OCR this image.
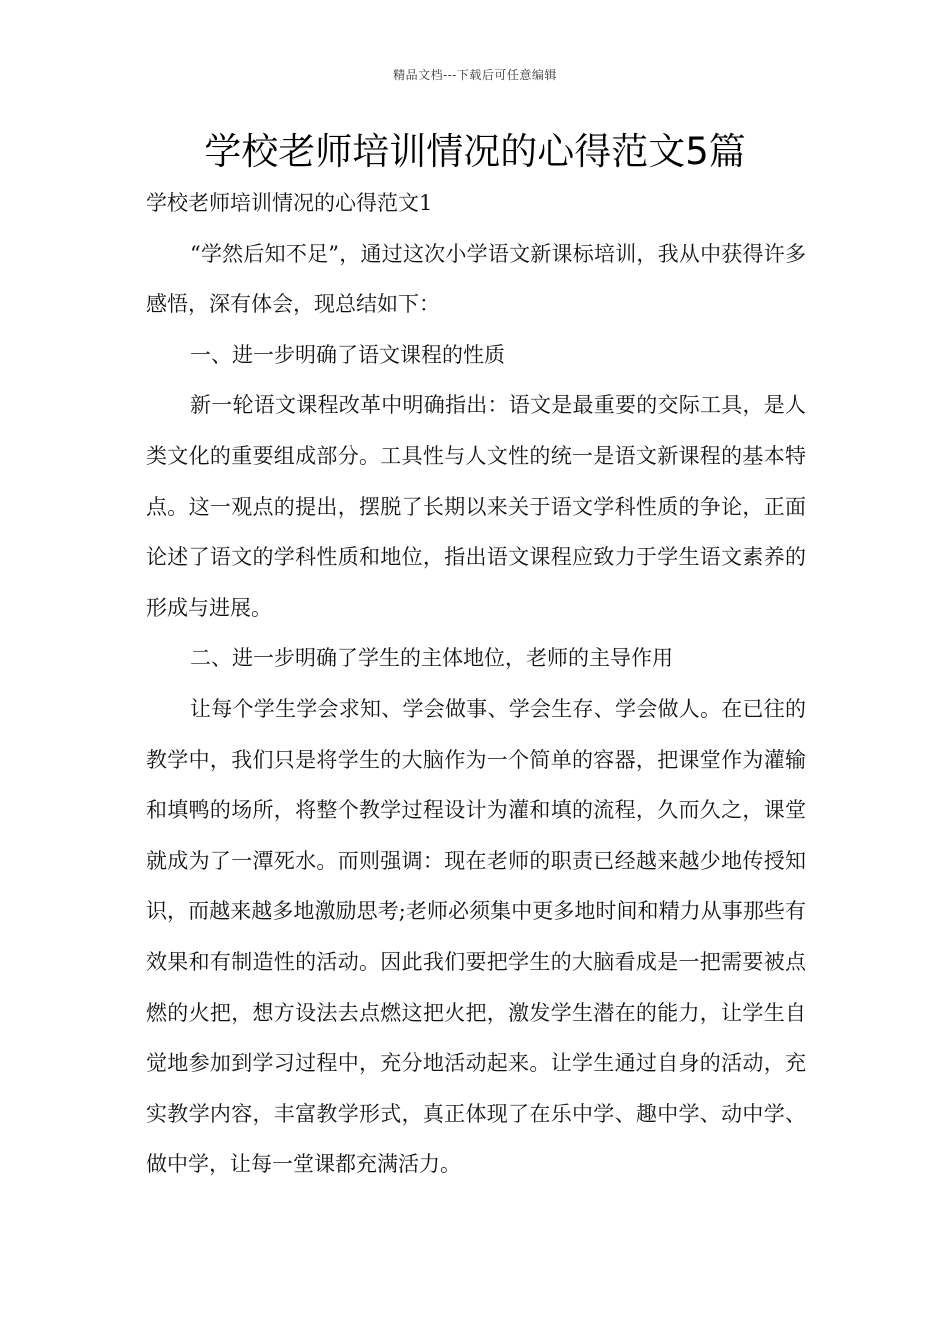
精品文档---下载后可任意编辑
学校老师培训情况的心得范文5篇

学校老师培训情况的心得范文1

“学然后知不足”，通过这次小学语文新课标培训，我从中获得许多感悟，深有体会，现总结如下：

一、进一步明确了语文课程的性质

新一轮语文课程改革中明确指出：语文是最重要的交际工具，是人类文化的重要组成部分。工具性与人文性的统一是语文新课程的基本特点。这一观点的提出，摆脱了长期以来关于语文学科性质的争论，正面论述了语文的学科性质和地位，指出语文课程应致力于学生语文素养的形成与进展。

二、进一步明确了学生的主体地位，老师的主导作用

让每个学生学会求知、学会做事、学会生存、学会做人。在已往的教学中，我们只是将学生的大脑作为一个简单的容器，把课堂作为灌输和填鸭的场所，将整个教学过程设计为灌和填的流程，久而久之，课堂就成为了一潭死水。而则强调：现在老师的职责已经越来越少地传授知识，而越来越多地激励思考;老师必须集中更多地时间和精力从事那些有效果和有制造性的活动。因此我们要把学生的大脑看成是一把需要被点燃的火把，想方设法去点燃这把火把，激发学生潜在的能力，让学生自觉地参加到学习过程中，充分地活动起来。让学生通过自身的活动，充实教学内容，丰富教学形式，真正体现了在乐中学、趣中学、动中学、做中学，让每一堂课都充满活力。
